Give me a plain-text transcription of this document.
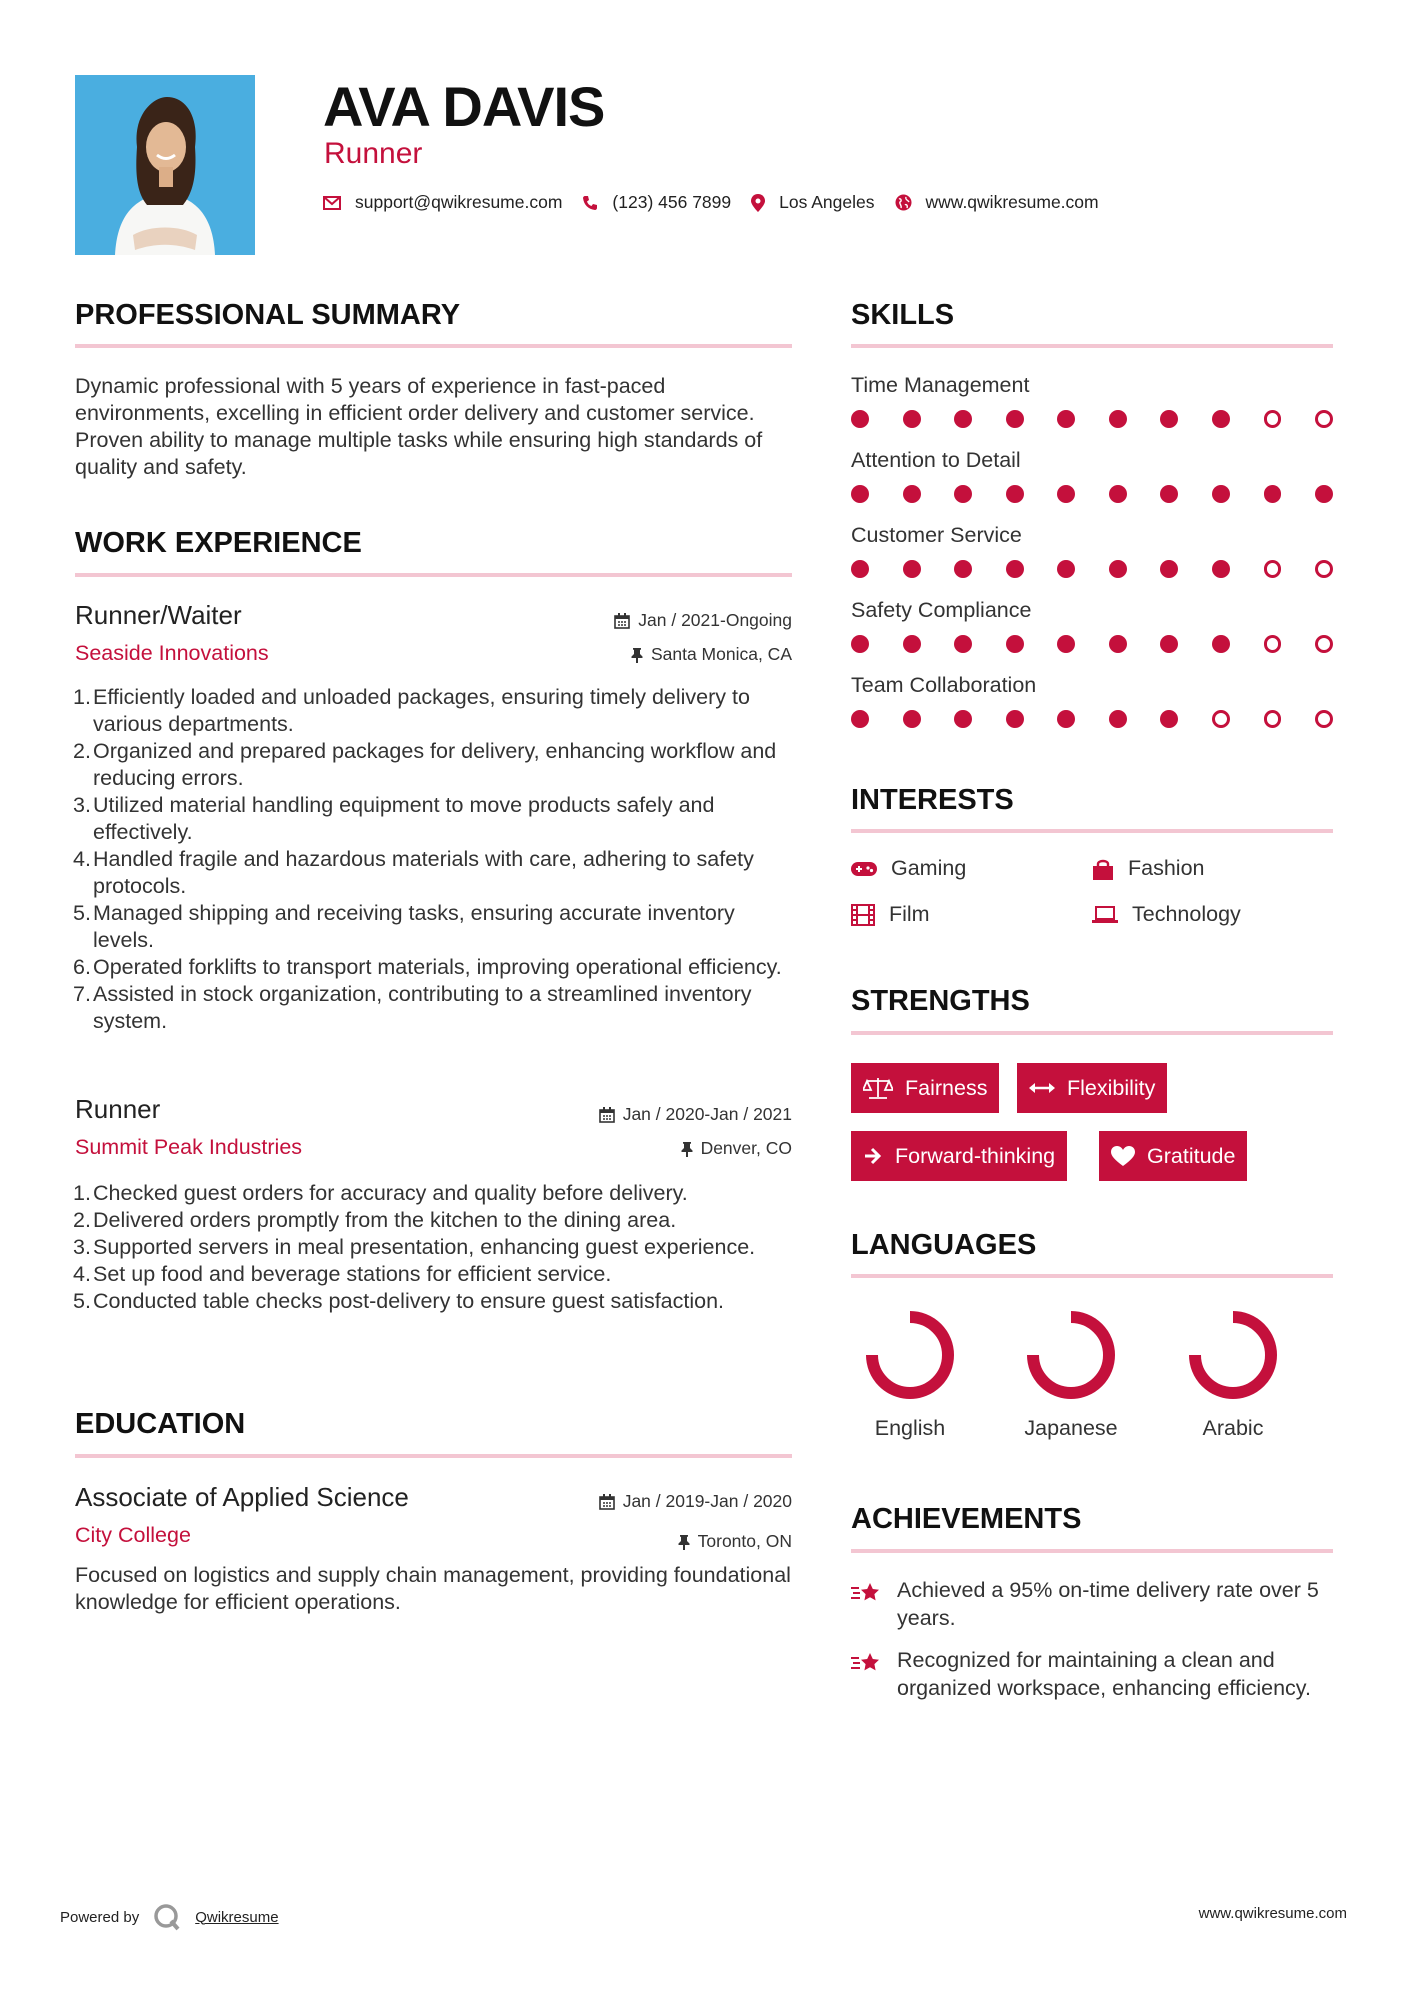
AVA DAVIS
Runner
support@qwikresume.com	(123) 456 7899	Los Angeles	www.qwikresume.com
PROFESSIONAL SUMMARY
Dynamic professional with 5 years of experience in fast-paced environments, excelling in efficient order delivery and customer service. Proven ability to manage multiple tasks while ensuring high standards of quality and safety.
WORK EXPERIENCE
Runner/Waiter
Seaside Innovations
Jan / 2021-Ongoing
Santa Monica, CA
1. Efficiently loaded and unloaded packages, ensuring timely delivery to various departments.
2. Organized and prepared packages for delivery, enhancing workflow and reducing errors.
3. Utilized material handling equipment to move products safely and effectively.
4. Handled fragile and hazardous materials with care, adhering to safety protocols.
5. Managed shipping and receiving tasks, ensuring accurate inventory levels.
6. Operated forklifts to transport materials, improving operational efficiency.
7. Assisted in stock organization, contributing to a streamlined inventory system.
Runner
Summit Peak Industries
Jan / 2020-Jan / 2021
Denver, CO
1. Checked guest orders for accuracy and quality before delivery.
2. Delivered orders promptly from the kitchen to the dining area.
3. Supported servers in meal presentation, enhancing guest experience.
4. Set up food and beverage stations for efficient service.
5. Conducted table checks post-delivery to ensure guest satisfaction.
EDUCATION
Associate of Applied Science
City College
Jan / 2019-Jan / 2020
Toronto, ON
Focused on logistics and supply chain management, providing foundational knowledge for efficient operations.
SKILLS
Time Management
Attention to Detail
Customer Service
Safety Compliance
Team Collaboration
INTERESTS
Gaming	Fashion
Film	Technology
STRENGTHS
Fairness	Flexibility
Forward-thinking	Gratitude
LANGUAGES
English	Japanese	Arabic
ACHIEVEMENTS
Achieved a 95% on-time delivery rate over 5 years.
Recognized for maintaining a clean and organized workspace, enhancing efficiency.
Powered by	Qwikresume	www.qwikresume.com
